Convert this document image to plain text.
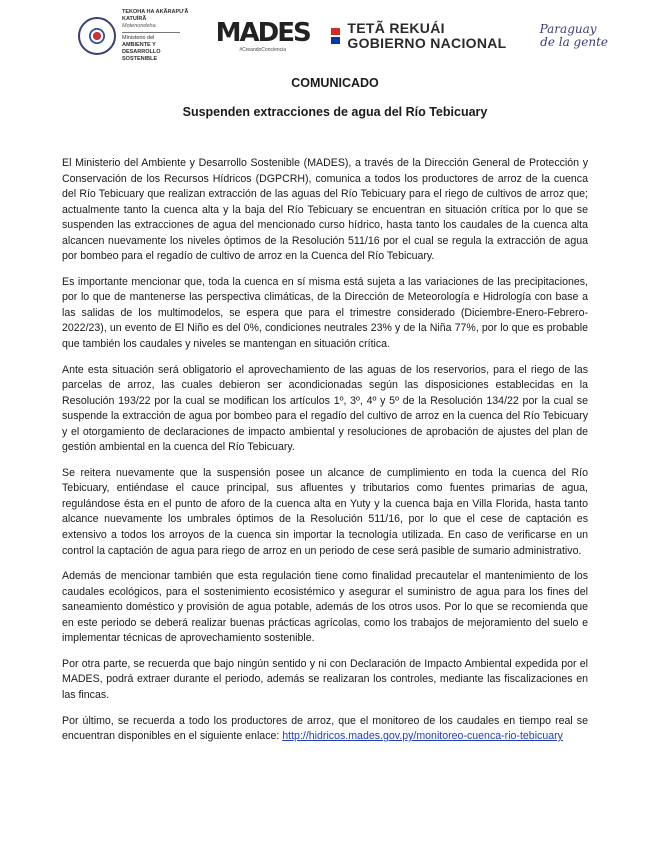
TEKOHA HA AKÃRAPU'Ã KATUÍRÃ
Motenondeha
Ministerio del
AMBIENTE Y DESARROLLO
SOSTENIBLE
MADES
#CreandoConciencia
TETÃ REKUÁI
GOBIERNO NACIONAL
Paraguay
de la gente
COMUNICADO
Suspenden extracciones de agua del Río Tebicuary

El Ministerio del Ambiente y Desarrollo Sostenible (MADES), a través de la Dirección General de Protección y Conservación de los Recursos Hídricos (DGPCRH), comunica a todos los productores de arroz de la cuenca del Río Tebicuary que realizan extracción de las aguas del Río Tebicuary para el riego de cultivos de arroz que; actualmente tanto la cuenca alta y la baja del Río Tebicuary se encuentran en situación crítica por lo que se suspenden las extracciones de agua del mencionado curso hídrico, hasta tanto los caudales de la cuenca alta alcancen nuevamente los niveles óptimos de la Resolución 511/16 por el cual se regula la extracción de agua por bombeo para el regadío de cultivo de arroz en la Cuenca del Río Tebicuary.

Es importante mencionar que, toda la cuenca en sí misma está sujeta a las variaciones de las precipitaciones, por lo que de mantenerse las perspectiva climáticas, de la Dirección de Meteorología e Hidrología con base a las salidas de los multimodelos, se espera que para el trimestre considerado (Diciembre-Enero-Febrero-2022/23), un evento de El Niño es del 0%, condiciones neutrales 23% y de la Niña 77%, por lo que es probable que también los caudales y niveles se mantengan en situación crítica.

Ante esta situación será obligatorio el aprovechamiento de las aguas de los reservorios, para el riego de las parcelas de arroz, las cuales debieron ser acondicionadas según las disposiciones establecidas en la Resolución 193/22 por la cual se modifican los artículos 1º, 3º, 4º y 5º de la Resolución 134/22 por la cual se suspende la extracción de agua por bombeo para el regadío del cultivo de arroz en la cuenca del Río Tebicuary y el otorgamiento de declaraciones de impacto ambiental y resoluciones de aprobación de ajustes del plan de gestión ambiental en la cuenca del Río Tebicuary.

Se reitera nuevamente que la suspensión posee un alcance de cumplimiento en toda la cuenca del Río Tebicuary, entiéndase el cauce principal, sus afluentes y tributarios como fuentes primarias de agua, regulándose ésta en el punto de aforo de la cuenca alta en Yuty y la cuenca baja en Villa Florida, hasta tanto alcance nuevamente los umbrales óptimos de la Resolución 511/16, por lo que el cese de captación es extensivo a todos los arroyos de la cuenca sin importar la tecnología utilizada. En caso de verificarse en un control la captación de agua para riego de arroz en un periodo de cese será pasible de sumario administrativo.

Además de mencionar también que esta regulación tiene como finalidad precautelar el mantenimiento de los caudales ecológicos, para el sostenimiento ecosistémico y asegurar el suministro de agua para los fines del saneamiento doméstico y provisión de agua potable, además de los otros usos. Por lo que se recomienda que en este periodo se deberá realizar buenas prácticas agrícolas, como los trabajos de mejoramiento del suelo e implementar técnicas de aprovechamiento sostenible.

Por otra parte, se recuerda que bajo ningún sentido y ni con Declaración de Impacto Ambiental expedida por el MADES, podrá extraer durante el periodo, además se realizaran los controles, mediante las fiscalizaciones en las fincas.

Por último, se recuerda a todo los productores de arroz, que el monitoreo de los caudales en tiempo real se encuentran disponibles en el siguiente enlace: http://hidricos.mades.gov.py/monitoreo-cuenca-rio-tebicuary
